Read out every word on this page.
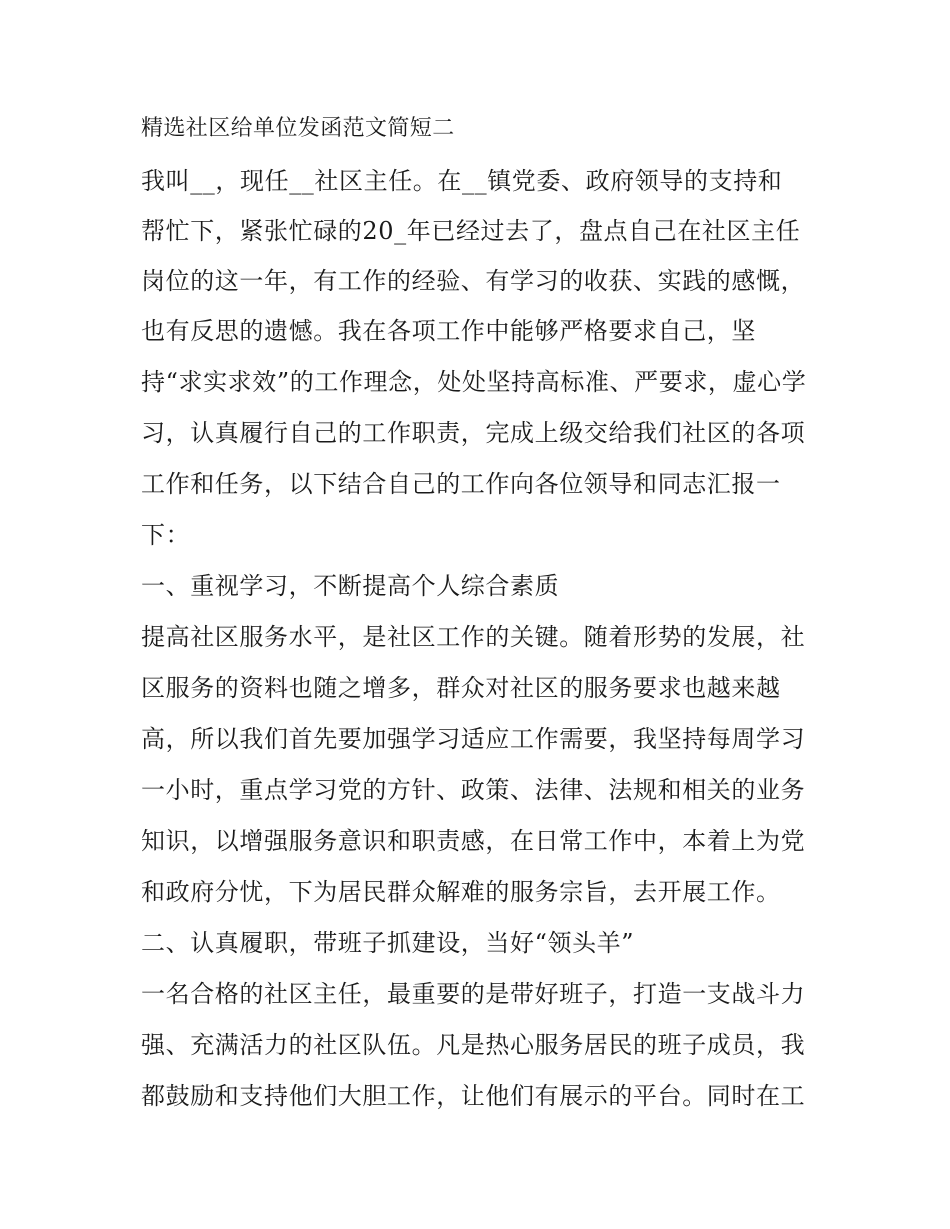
精选社区给单位发函范文简短二
我叫__，现任__社区主任。在__镇党委、政府领导的支持和
帮忙下，紧张忙碌的20_年已经过去了，盘点自己在社区主任
岗位的这一年，有工作的经验、有学习的收获、实践的感慨，
也有反思的遗憾。我在各项工作中能够严格要求自己，坚
持“求实求效”的工作理念，处处坚持高标准、严要求，虚心学
习，认真履行自己的工作职责，完成上级交给我们社区的各项
工作和任务，以下结合自己的工作向各位领导和同志汇报一
下：
一、重视学习，不断提高个人综合素质
提高社区服务水平，是社区工作的关键。随着形势的发展，社
区服务的资料也随之增多，群众对社区的服务要求也越来越
高，所以我们首先要加强学习适应工作需要，我坚持每周学习
一小时，重点学习党的方针、政策、法律、法规和相关的业务
知识，以增强服务意识和职责感，在日常工作中，本着上为党
和政府分忧，下为居民群众解难的服务宗旨，去开展工作。
二、认真履职，带班子抓建设，当好“领头羊”
一名合格的社区主任，最重要的是带好班子，打造一支战斗力
强、充满活力的社区队伍。凡是热心服务居民的班子成员，我
都鼓励和支持他们大胆工作，让他们有展示的平台。同时在工
